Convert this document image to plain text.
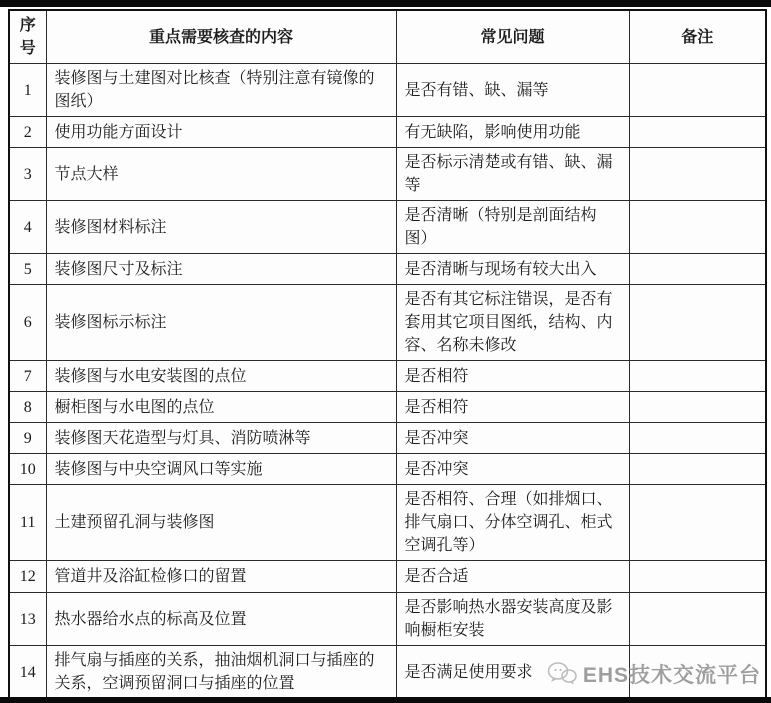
序号	重点需要核查的内容	常见问题	备注
1	装修图与土建图对比核查（特别注意有镜像的图纸）	是否有错、缺、漏等	
2	使用功能方面设计	有无缺陷，影响使用功能	
3	节点大样	是否标示清楚或有错、缺、漏等	
4	装修图材料标注	是否清晰（特别是剖面结构图）	
5	装修图尺寸及标注	是否清晰与现场有较大出入	
6	装修图标示标注	是否有其它标注错误，是否有套用其它项目图纸，结构、内容、名称未修改	
7	装修图与水电安装图的点位	是否相符	
8	橱柜图与水电图的点位	是否相符	
9	装修图天花造型与灯具、消防喷淋等	是否冲突	
10	装修图与中央空调风口等实施	是否冲突	
11	土建预留孔洞与装修图	是否相符、合理（如排烟口、排气扇口、分体空调孔、柜式空调孔等）	
12	管道井及浴缸检修口的留置	是否合适	
13	热水器给水点的标高及位置	是否影响热水器安装高度及影响橱柜安装	
14	排气扇与插座的关系，抽油烟机洞口与插座的关系，空调预留洞口与插座的位置	是否满足使用要求	EHS技术交流平台
